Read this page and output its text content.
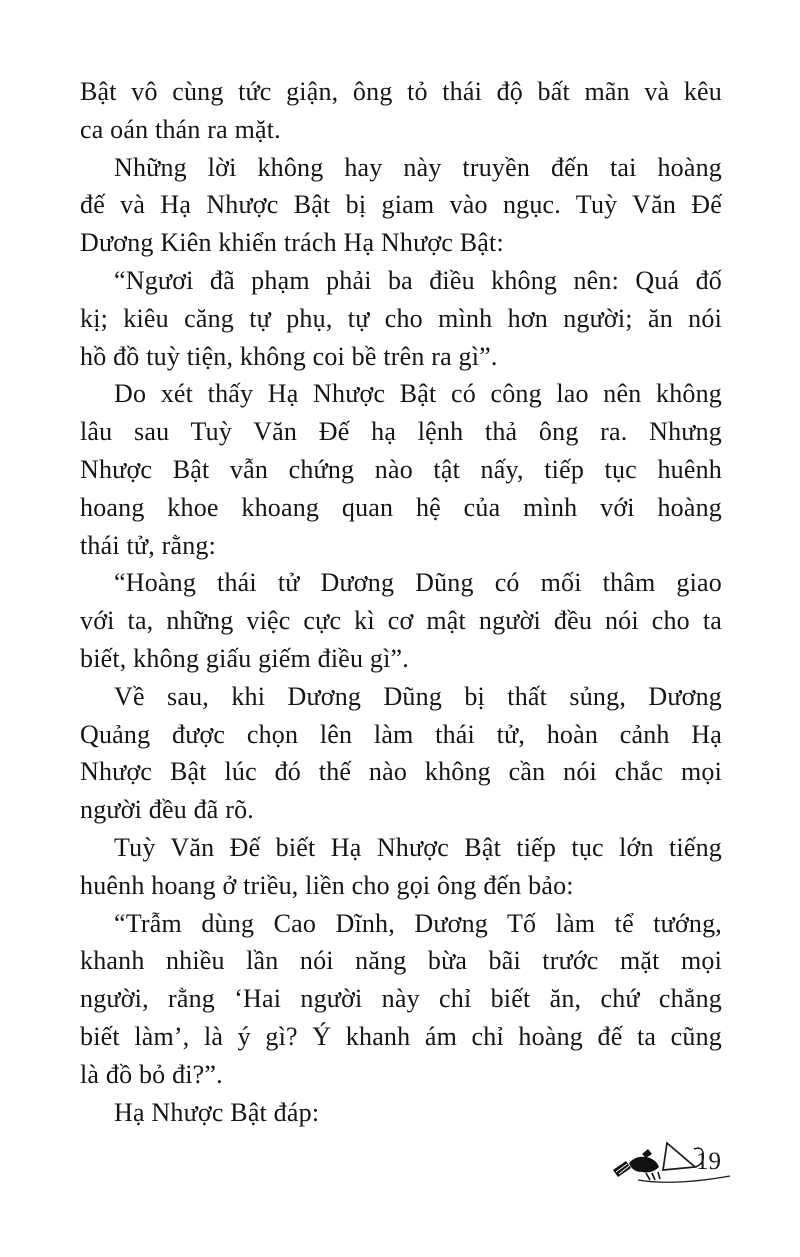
Bật vô cùng tức giận, ông tỏ thái độ bất mãn và kêu
ca oán thán ra mặt.
Những lời không hay này truyền đến tai hoàng
đế và Hạ Nhược Bật bị giam vào ngục. Tuỳ Văn Đế
Dương Kiên khiển trách Hạ Nhược Bật:
“Ngươi đã phạm phải ba điều không nên: Quá đố
kị; kiêu căng tự phụ, tự cho mình hơn người; ăn nói
hồ đồ tuỳ tiện, không coi bề trên ra gì”.
Do xét thấy Hạ Nhược Bật có công lao nên không
lâu sau Tuỳ Văn Đế hạ lệnh thả ông ra. Nhưng
Nhược Bật vẫn chứng nào tật nấy, tiếp tục huênh
hoang khoe khoang quan hệ của mình với hoàng
thái tử, rằng:
“Hoàng thái tử Dương Dũng có mối thâm giao
với ta, những việc cực kì cơ mật người đều nói cho ta
biết, không giấu giếm điều gì”.
Về sau, khi Dương Dũng bị thất sủng, Dương
Quảng được chọn lên làm thái tử, hoàn cảnh Hạ
Nhược Bật lúc đó thế nào không cần nói chắc mọi
người đều đã rõ.
Tuỳ Văn Đế biết Hạ Nhược Bật tiếp tục lớn tiếng
huênh hoang ở triều, liền cho gọi ông đến bảo:
“Trẫm dùng Cao Dĩnh, Dương Tố làm tể tướng,
khanh nhiều lần nói năng bừa bãi trước mặt mọi
người, rằng ‘Hai người này chỉ biết ăn, chứ chẳng
biết làm’, là ý gì? Ý khanh ám chỉ hoàng đế ta cũng
là đồ bỏ đi?”.
Hạ Nhược Bật đáp:
19
